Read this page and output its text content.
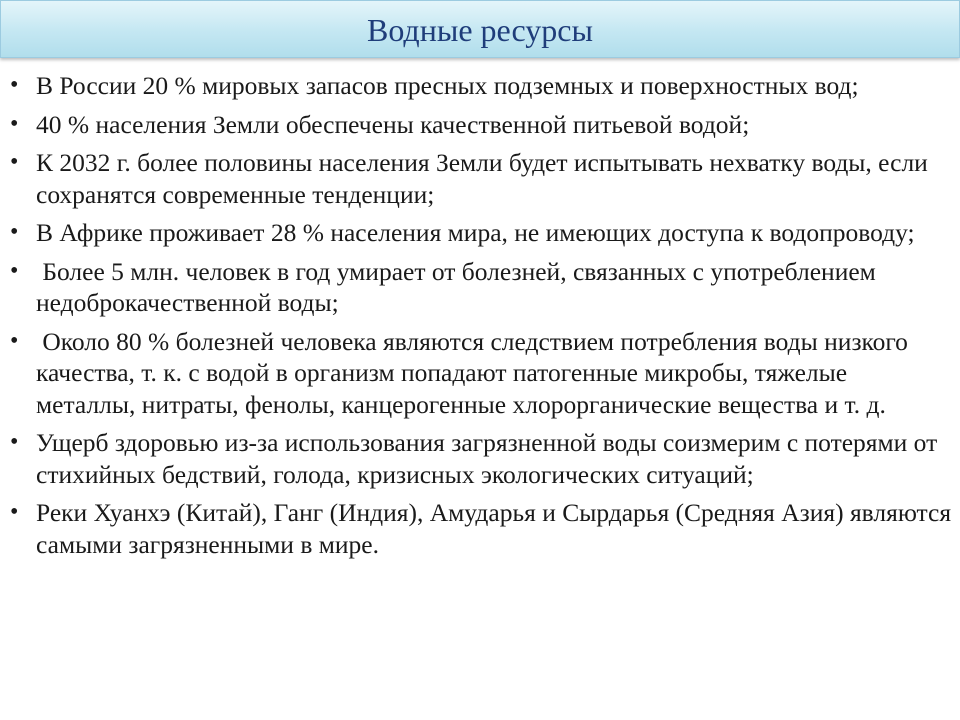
Водные ресурсы
• В России 20 % мировых запасов пресных подземных и поверхностных вод;
• 40 % населения Земли обеспечены качественной питьевой водой;
• К 2032 г. более половины населения Земли будет испытывать нехватку воды, если сохранятся современные тенденции;
• В Африке проживает 28 % населения мира, не имеющих доступа к водопроводу;
• Более 5 млн. человек в год умирает от болезней, связанных с употреблением недоброкачественной воды;
• Около 80 % болезней человека являются следствием потребления воды низкого качества, т. к. с водой в организм попадают патогенные микробы, тяжелые металлы, нитраты, фенолы, канцерогенные хлорорганические вещества и т. д.
• Ущерб здоровью из-за использования загрязненной воды соизмерим с потерями от стихийных бедствий, голода, кризисных экологических ситуаций;
• Реки Хуанхэ (Китай), Ганг (Индия), Амударья и Сырдарья (Средняя Азия) являются самыми загрязненными в мире.
